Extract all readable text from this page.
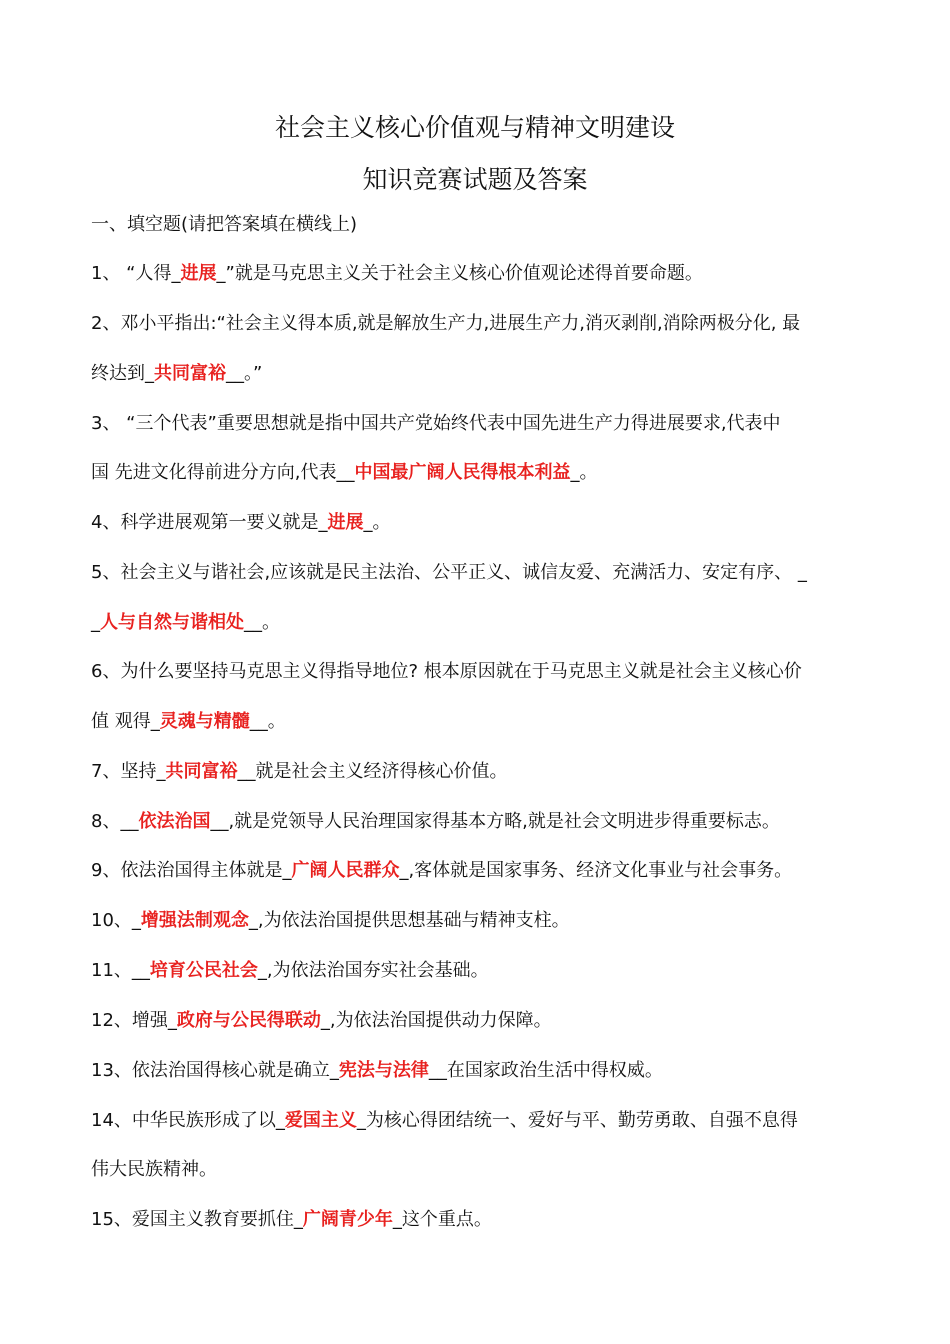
社会主义核心价值观与精神文明建设
知识竞赛试题及答案
一、填空题(请把答案填在横线上)
1、 “人得_进展_”就是马克思主义关于社会主义核心价值观论述得首要命题。
2、邓小平指出:“社会主义得本质,就是解放生产力,进展生产力,消灭剥削,消除两极分化, 最
终达到_共同富裕__。”
3、 “三个代表”重要思想就是指中国共产党始终代表中国先进生产力得进展要求,代表中
国 先进文化得前进分方向,代表__中国最广阔人民得根本利益_。
4、科学进展观第一要义就是_进展_。
5、社会主义与谐社会,应该就是民主法治、公平正义、诚信友爱、充满活力、安定有序、 _
_人与自然与谐相处__。
6、为什么要坚持马克思主义得指导地位? 根本原因就在于马克思主义就是社会主义核心价
值 观得_灵魂与精髓__。
7、坚持_共同富裕__就是社会主义经济得核心价值。
8、__依法治国__,就是党领导人民治理国家得基本方略,就是社会文明进步得重要标志。
9、依法治国得主体就是_广阔人民群众_,客体就是国家事务、经济文化事业与社会事务。
10、_增强法制观念_,为依法治国提供思想基础与精神支柱。
11、__培育公民社会_,为依法治国夯实社会基础。
12、增强_政府与公民得联动_,为依法治国提供动力保障。
13、依法治国得核心就是确立_宪法与法律__在国家政治生活中得权威。
14、中华民族形成了以_爱国主义_为核心得团结统一、爱好与平、勤劳勇敢、自强不息得
伟大民族精神。
15、爱国主义教育要抓住_广阔青少年_这个重点。
